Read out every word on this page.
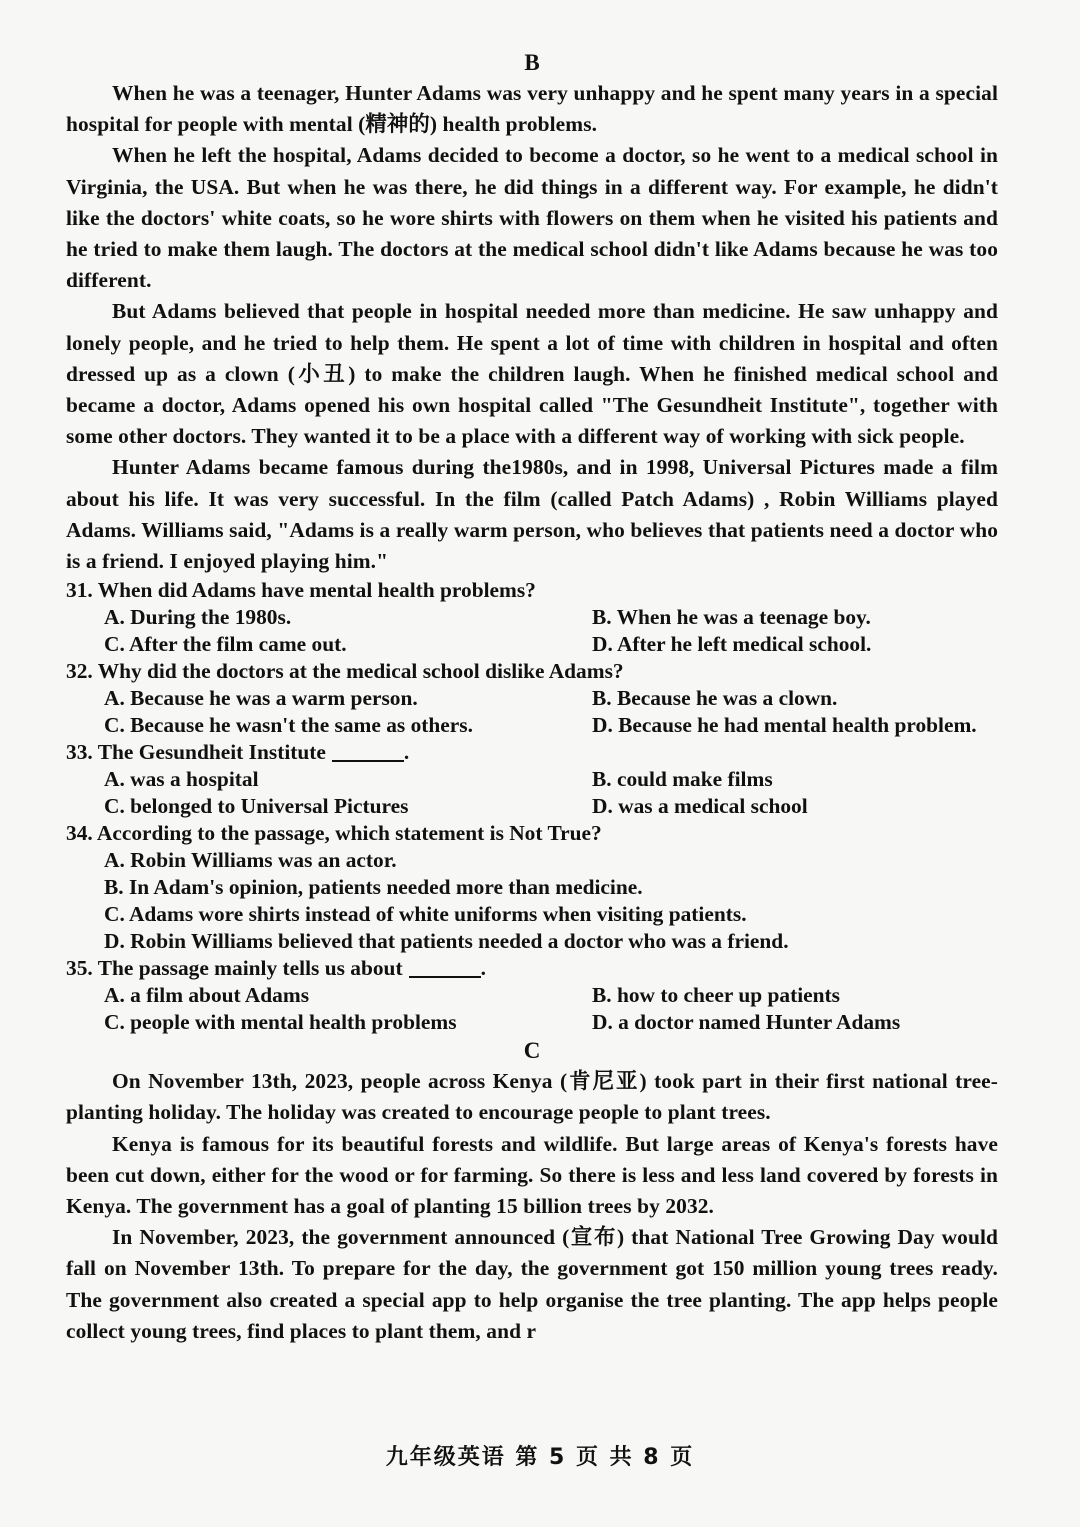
B

When he was a teenager, Hunter Adams was very unhappy and he spent many years in a special hospital for people with mental (精神的) health problems.

When he left the hospital, Adams decided to become a doctor, so he went to a medical school in Virginia, the USA. But when he was there, he did things in a different way. For example, he didn't like the doctors' white coats, so he wore shirts with flowers on them when he visited his patients and he tried to make them laugh. The doctors at the medical school didn't like Adams because he was too different.

But Adams believed that people in hospital needed more than medicine. He saw unhappy and lonely people, and he tried to help them. He spent a lot of time with children in hospital and often dressed up as a clown (小丑) to make the children laugh. When he finished medical school and became a doctor, Adams opened his own hospital called "The Gesundheit Institute", together with some other doctors. They wanted it to be a place with a different way of working with sick people.

Hunter Adams became famous during the1980s, and in 1998, Universal Pictures made a film about his life. It was very successful. In the film (called Patch Adams) , Robin Williams played Adams. Williams said, "Adams is a really warm person, who believes that patients need a doctor who is a friend. I enjoyed playing him."

31. When did Adams have mental health problems?

A. During the 1980s.	B. When he was a teenage boy.
C. After the film came out.	D. After he left medical school.

32. Why did the doctors at the medical school dislike Adams?

A. Because he was a warm person.	B. Because he was a clown.
C. Because he wasn't the same as others.	D. Because he had mental health problem.

33. The Gesundheit Institute	.

A. was a hospital	B. could make films
C. belonged to Universal Pictures	D. was a medical school

34. According to the passage, which statement is Not True?

A. Robin Williams was an actor.
B. In Adam's opinion, patients needed more than medicine.
C. Adams wore shirts instead of white uniforms when visiting patients.
D. Robin Williams believed that patients needed a doctor who was a friend.

35. The passage mainly tells us about	.

A. a film about Adams	B. how to cheer up patients
C. people with mental health problems	D. a doctor named Hunter Adams
C

On November 13th, 2023, people across Kenya (肯尼亚) took part in their first national tree-planting holiday. The holiday was created to encourage people to plant trees.

Kenya is famous for its beautiful forests and wildlife. But large areas of Kenya's forests have been cut down, either for the wood or for farming. So there is less and less land covered by forests in Kenya. The government has a goal of planting 15 billion trees by 2032.

In November, 2023, the government announced (宣布) that National Tree Growing Day would fall on November 13th. To prepare for the day, the government got 150 million young trees ready. The government also created a special app to help organise the tree planting. The app helps people collect young trees, find places to plant them, and r

九年级英语 第 5 页 共 8 页
